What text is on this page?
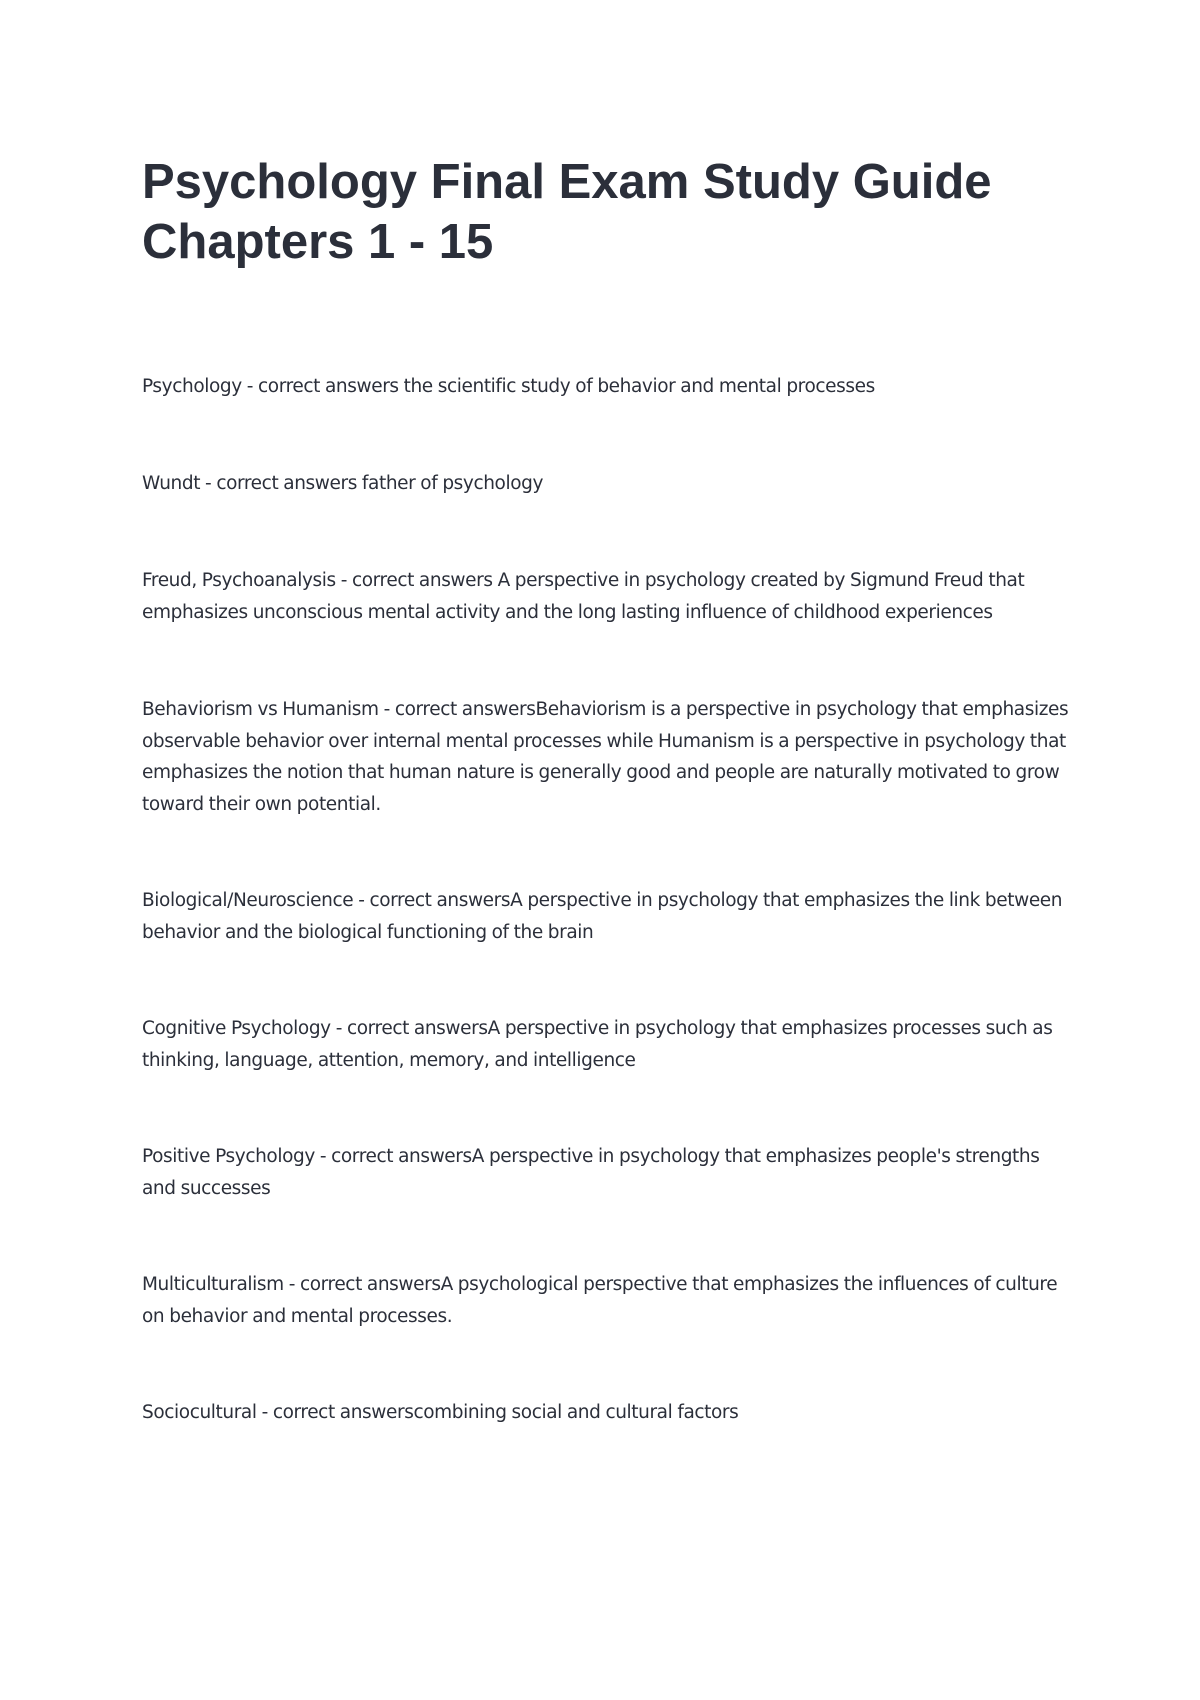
Psychology Final Exam Study Guide
Chapters 1 - 15
Psychology - correct answers the scientific study of behavior and mental processes
Wundt - correct answers father of psychology
Freud, Psychoanalysis - correct answers A perspective in psychology created by Sigmund Freud that
emphasizes unconscious mental activity and the long lasting influence of childhood experiences
Behaviorism vs Humanism - correct answersBehaviorism is a perspective in psychology that emphasizes
observable behavior over internal mental processes while Humanism is a perspective in psychology that
emphasizes the notion that human nature is generally good and people are naturally motivated to grow
toward their own potential.
Biological/Neuroscience - correct answersA perspective in psychology that emphasizes the link between
behavior and the biological functioning of the brain
Cognitive Psychology - correct answersA perspective in psychology that emphasizes processes such as
thinking, language, attention, memory, and intelligence
Positive Psychology - correct answersA perspective in psychology that emphasizes people's strengths
and successes
Multiculturalism - correct answersA psychological perspective that emphasizes the influences of culture
on behavior and mental processes.
Sociocultural - correct answerscombining social and cultural factors
